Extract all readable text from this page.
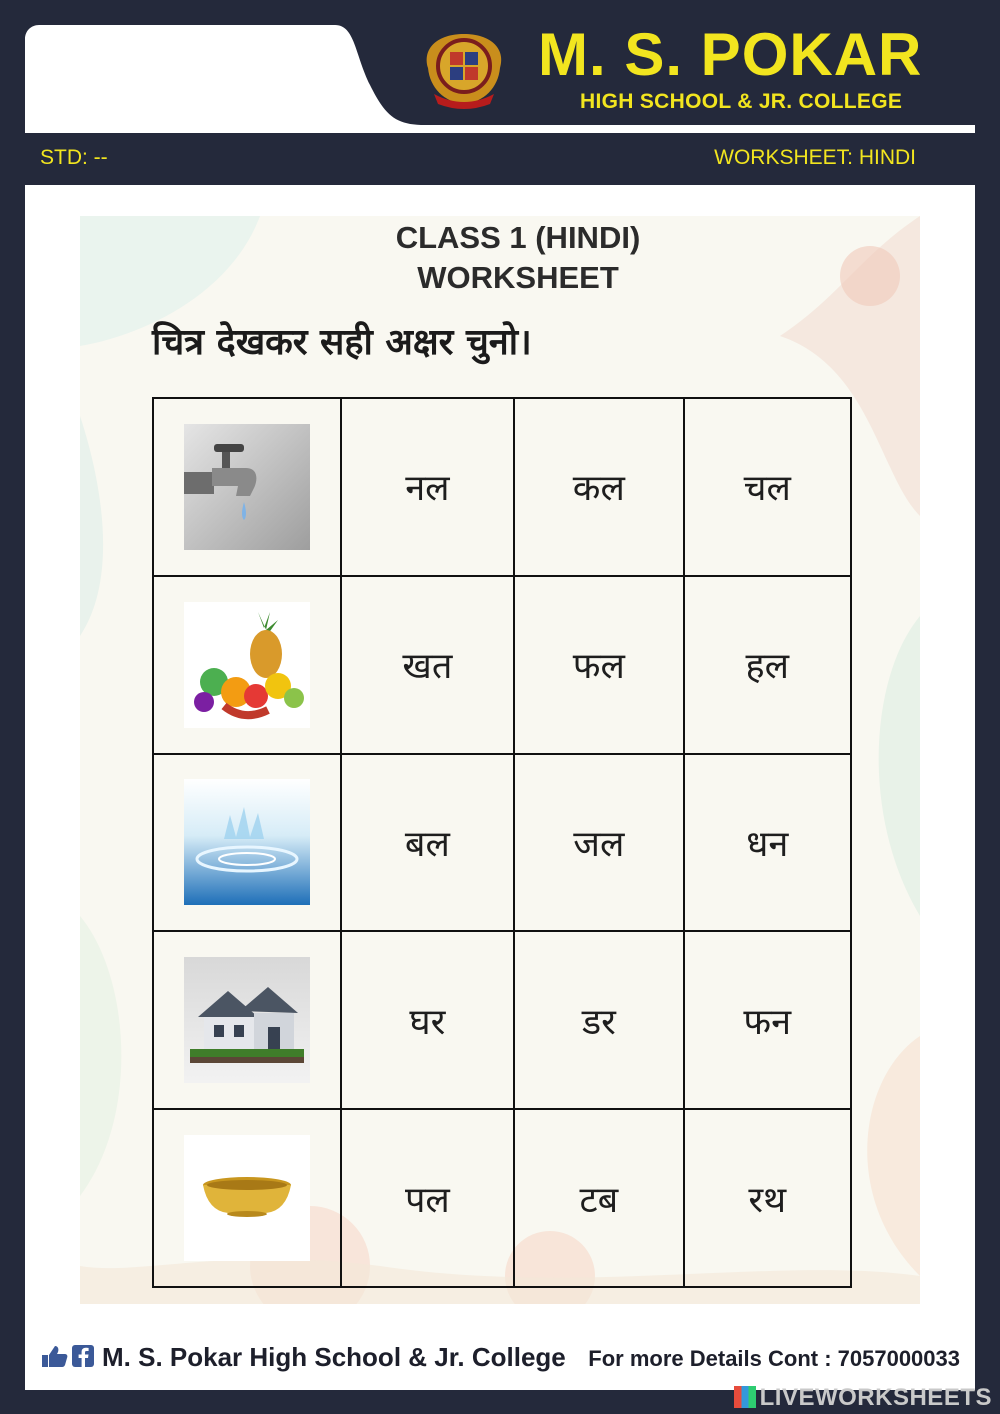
M. S. POKAR
HIGH SCHOOL & JR. COLLEGE
STD: --	WORKSHEET: HINDI
CLASS 1 (HINDI)
WORKSHEET
चित्र देखकर सही अक्षर चुनो।
	नल	कल	चल

	खत	फल	हल

	बल	जल	धन

	घर	डर	फन

	पल	टब	रथ
M. S. Pokar High School & Jr. College For more Details Cont : 7057000033
LIVEWORKSHEETS
